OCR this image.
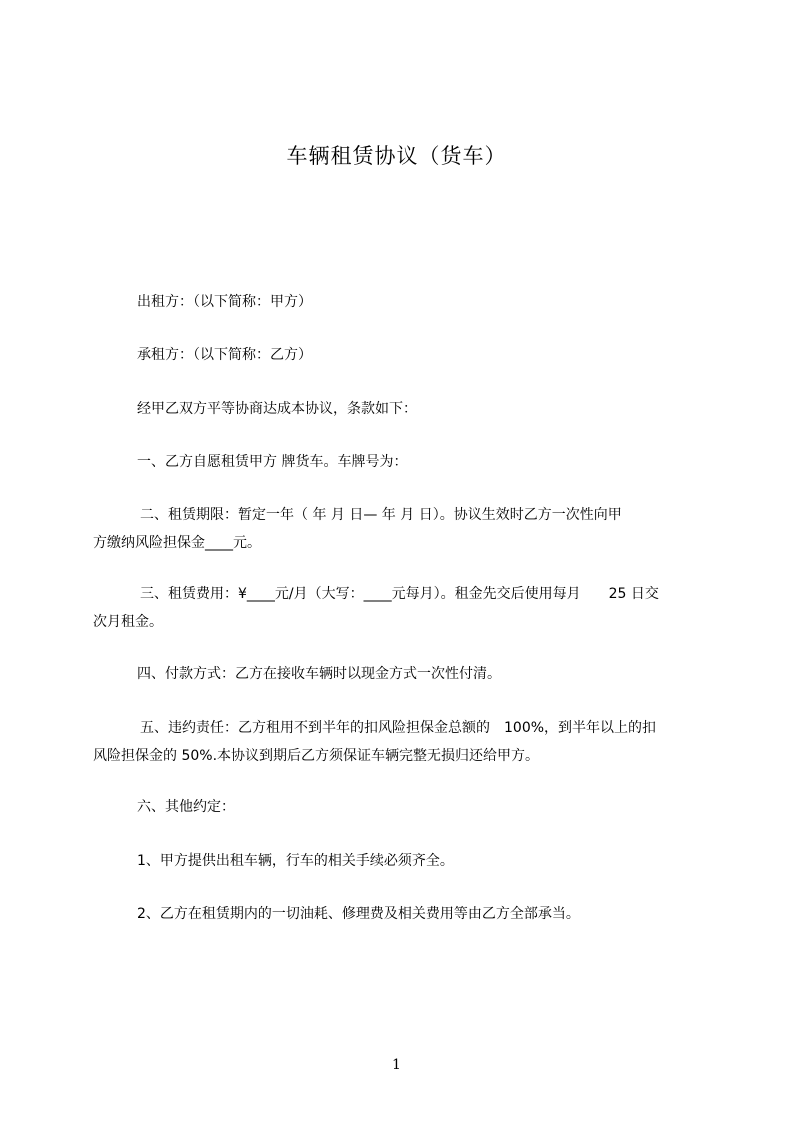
车辆租赁协议（货车）
出租方：（以下简称：甲方）
承租方：（以下简称：乙方）
经甲乙双方平等协商达成本协议，条款如下：
一、乙方自愿租赁甲方 牌货车。车牌号为：
二、租赁期限：暂定一年（ 年 月 日— 年 月 日）。协议生效时乙方一次性向甲
方缴纳风险担保金____元。
三、租赁费用：¥____元/月（大写：____元每月）。租金先交后使用每月　　25 日交
次月租金。
四、付款方式：乙方在接收车辆时以现金方式一次性付清。
五、违约责任：乙方租用不到半年的扣风险担保金总额的　100%，到半年以上的扣
风险担保金的 50%.本协议到期后乙方须保证车辆完整无损归还给甲方。
六、其他约定：
1、甲方提供出租车辆，行车的相关手续必须齐全。
2、乙方在租赁期内的一切油耗、修理费及相关费用等由乙方全部承当。
1
